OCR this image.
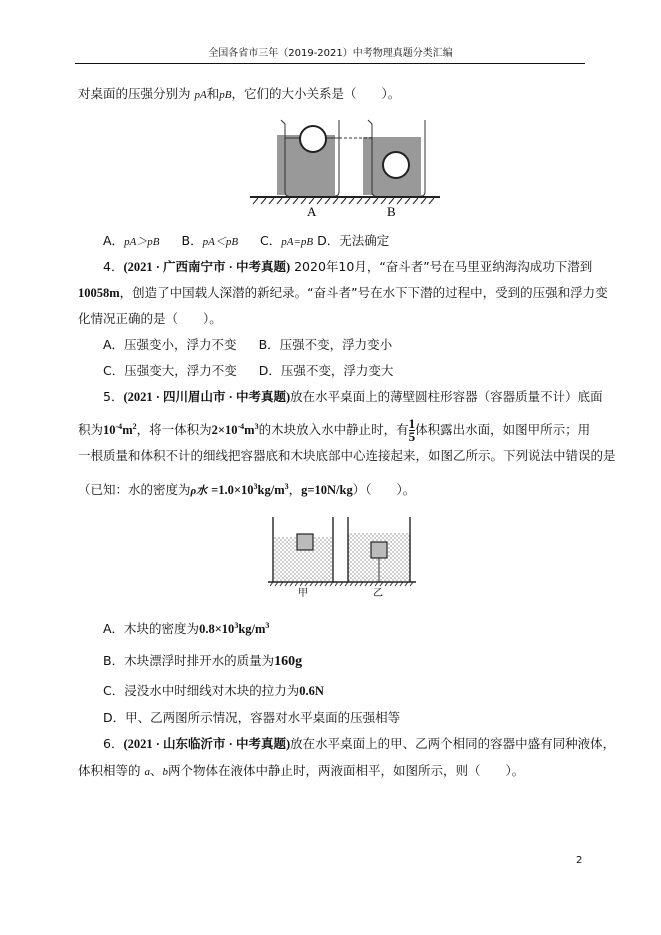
全国各省市三年（2019-2021）中考物理真题分类汇编
对桌面的压强分别为 pA和pB，它们的大小关系是（　　）。
A	B
A．pA＞pB B．pA＜pB C．pA=pB D．无法确定
4．(2021 · 广西南宁市 · 中考真题) 2020年10月，“奋斗者”号在马里亚纳海沟成功下潜到
10058m，创造了中国载人深潜的新纪录。“奋斗者”号在水下下潜的过程中，受到的压强和浮力变
化情况正确的是（　　）。
A．压强变小，浮力不变 B．压强不变，浮力变小
C．压强变大，浮力不变 D．压强不变，浮力变大
5．(2021 · 四川眉山市 · 中考真题)放在水平桌面上的薄壁圆柱形容器（容器质量不计）底面
积为$10^{-4}m^2$，将一体积为$2\times 10^{-4}m^3$的木块放入水中静止时，有 $\frac{1}{5}$ 体积露出水面，如图甲所示；用
一根质量和体积不计的细线把容器底和木块底部中心连接起来，如图乙所示。下列说法中错误的是
（已知：水的密度为ρ水 $=1.0\times 10^3kg/m^3$，g=10N/kg）（　　）。
甲	乙
A．木块的密度为$0.8\times 10^3kg/m^3$
B．木块漂浮时排开水的质量为160g
C．浸没水中时细线对木块的拉力为0.6N
D．甲、乙两图所示情况，容器对水平桌面的压强相等
6．(2021 · 山东临沂市 · 中考真题)放在水平桌面上的甲、乙两个相同的容器中盛有同种液体，
体积相等的 a、b两个物体在液体中静止时，两液面相平，如图所示，则（　　）。
2
